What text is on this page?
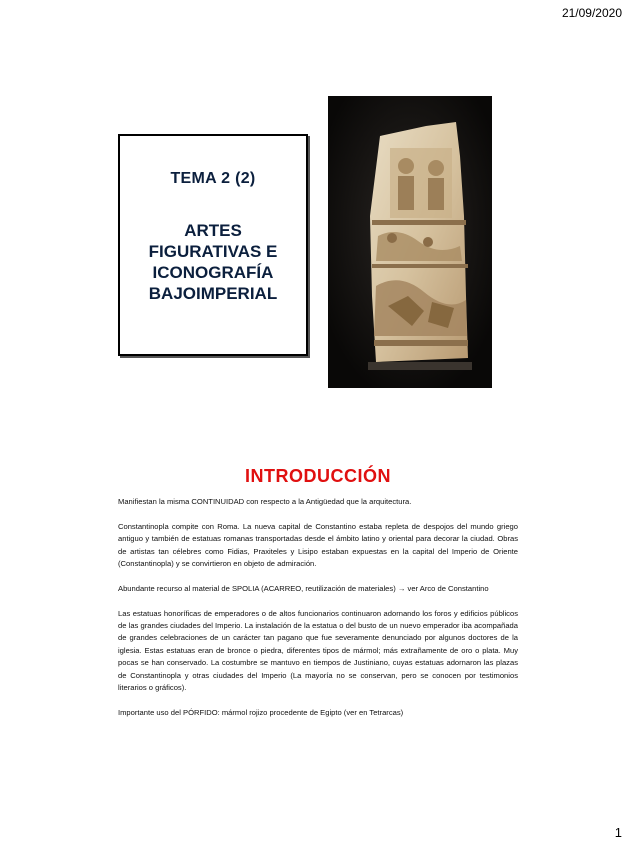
21/09/2020
TEMA 2 (2)
ARTES
FIGURATIVAS E
ICONOGRAFÍA
BAJOIMPERIAL
INTRODUCCIÓN

Manifiestan la misma CONTINUIDAD con respecto a la Antigüedad que la arquitectura.

Constantinopla compite con Roma. La nueva capital de Constantino estaba repleta de despojos del mundo griego antiguo y también de estatuas romanas transportadas desde el ámbito latino y oriental para decorar la ciudad. Obras de artistas tan célebres como Fidias, Praxiteles y Lisipo estaban expuestas en la capital del Imperio de Oriente (Constantinopla) y se convirtieron en objeto de admiración.

Abundante recurso al material de SPOLIA (ACARREO, reutilización de materiales) → ver Arco de Constantino

Las estatuas honoríficas de emperadores o de altos funcionarios continuaron adornando los foros y edificios públicos de las grandes ciudades del Imperio. La instalación de la estatua o del busto de un nuevo emperador iba acompañada de grandes celebraciones de un carácter tan pagano que fue severamente denunciado por algunos doctores de la iglesia. Estas estatuas eran de bronce o piedra, diferentes tipos de mármol; más extrañamente de oro o plata. Muy pocas se han conservado. La costumbre se mantuvo en tiempos de Justiniano, cuyas estatuas adornaron las plazas de Constantinopla y otras ciudades del Imperio (La mayoría no se conservan, pero se conocen por testimonios literarios o gráficos).

Importante uso del PÓRFIDO: mármol rojizo procedente de Egipto (ver en Tetrarcas)

1
